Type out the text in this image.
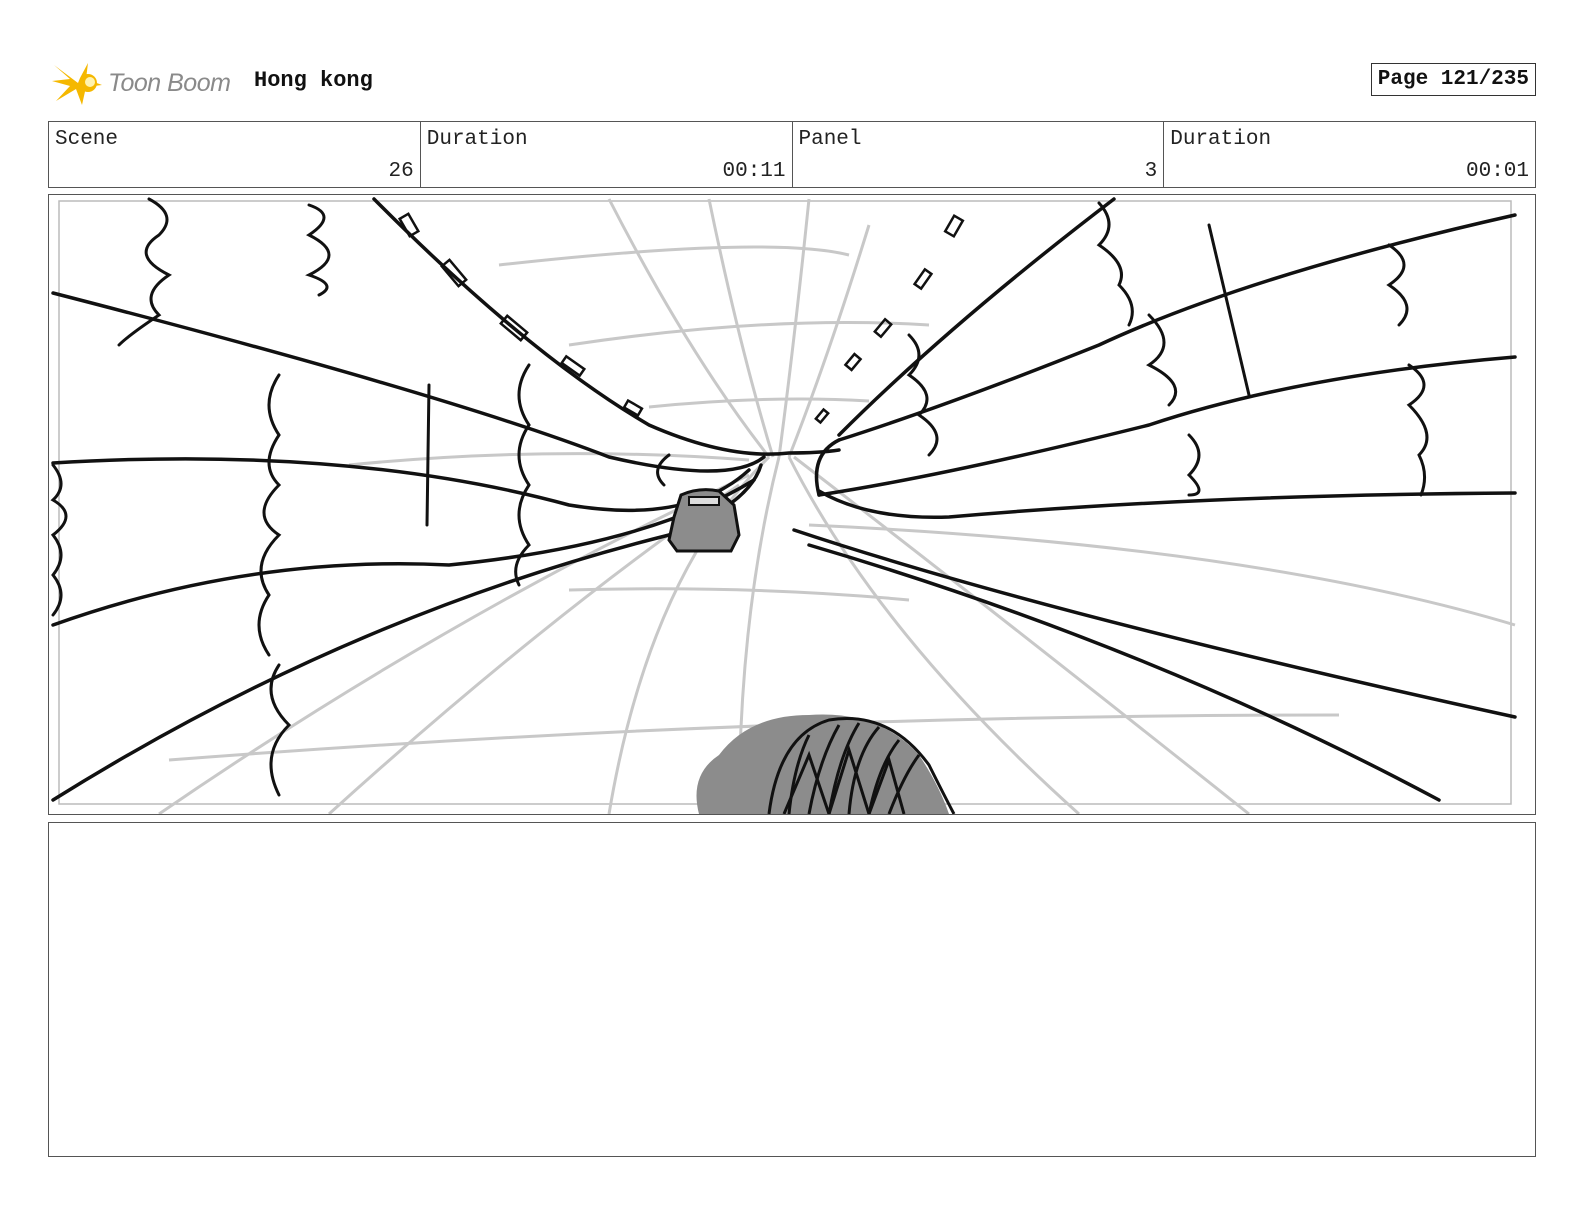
Toon Boom Hong kong	Page 121/235
Scene
26
Duration
00:11
Panel
3
Duration
00:01
